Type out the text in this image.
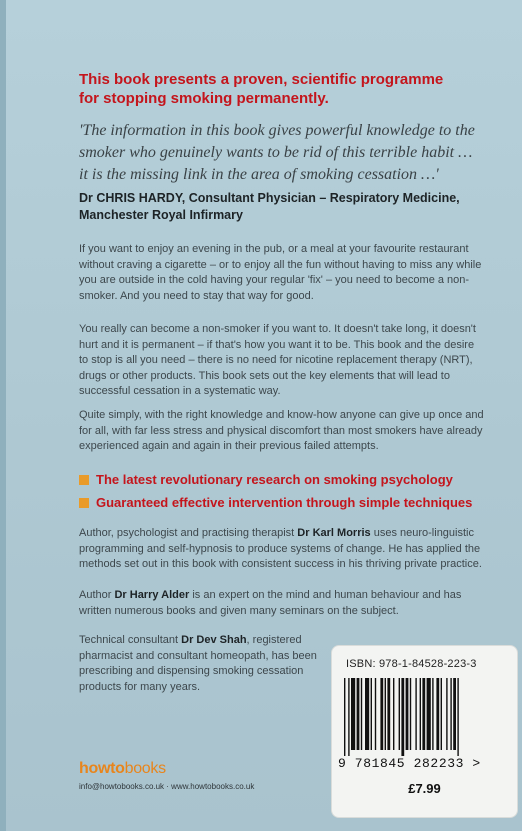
This book presents a proven, scientific programme for stopping smoking permanently.
'The information in this book gives powerful knowledge to the smoker who genuinely wants to be rid of this terrible habit … it is the missing link in the area of smoking cessation …'
Dr CHRIS HARDY, Consultant Physician – Respiratory Medicine, Manchester Royal Infirmary
If you want to enjoy an evening in the pub, or a meal at your favourite restaurant without craving a cigarette – or to enjoy all the fun without having to miss any while you are outside in the cold having your regular 'fix' – you need to become a non-smoker. And you need to stay that way for good.
You really can become a non-smoker if you want to. It doesn't take long, it doesn't hurt and it is permanent – if that's how you want it to be. This book and the desire to stop is all you need – there is no need for nicotine replacement therapy (NRT), drugs or other products. This book sets out the key elements that will lead to successful cessation in a systematic way.
Quite simply, with the right knowledge and know-how anyone can give up once and for all, with far less stress and physical discomfort than most smokers have already experienced again and again in their previous failed attempts.
The latest revolutionary research on smoking psychology
Guaranteed effective intervention through simple techniques
Author, psychologist and practising therapist Dr Karl Morris uses neuro-linguistic programming and self-hypnosis to produce systems of change. He has applied the methods set out in this book with consistent success in his thriving private practice.
Author Dr Harry Alder is an expert on the mind and human behaviour and has written numerous books and given many seminars on the subject.
Technical consultant Dr Dev Shah, registered pharmacist and consultant homeopath, has been prescribing and dispensing smoking cessation products for many years.
howtobooks
info@howtobooks.co.uk · www.howtobooks.co.uk
ISBN: 978-1-84528-223-3
9 781845 282233 >
£7.99
